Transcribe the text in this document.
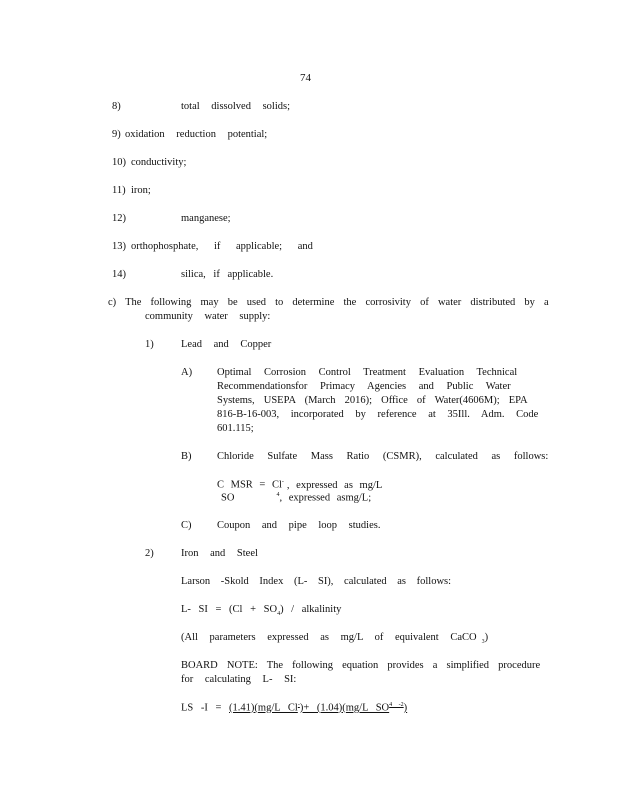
74
8)	total dissolved solids;
9) oxidation reduction potential;
10) conductivity;
11) iron;
12)	manganese;
13) orthophosphate, if applicable; and
14)	silica, if applicable.
c) The following may be used to determine the corrosivity of water distributed by a
community water supply:
1)	Lead and Copper
A) Optimal Corrosion Control Treatment Evaluation Technical
Recommendationsfor Primacy Agencies and Public Water
Systems, USEPA (March 2016); Office of Water(4606M); EPA
816-B-16-003, incorporated by reference at 35Ill. Adm. Code
601.115;
B) Chloride Sulfate Mass Ratio (CSMR), calculated as follows:
C MSR = Cl- , expressed as mg/L
SO	$^4$, expressed asmg/L;
C) Coupon and pipe loop studies.
2)	Iron and Steel
Larson -Skold Index (L- SI), calculated as follows:
L- SI = $(Cl + SO_4)$ / alkalinity
(All parameters expressed as mg/L of equivalent CaCO $_3$)
BOARD NOTE: The following equation provides a simplified procedure
for calculating L- SI:
LS -I = (1.41)(mg/L Cl-)+ (1.04)(mg/L SO$^{4 -2}$)
